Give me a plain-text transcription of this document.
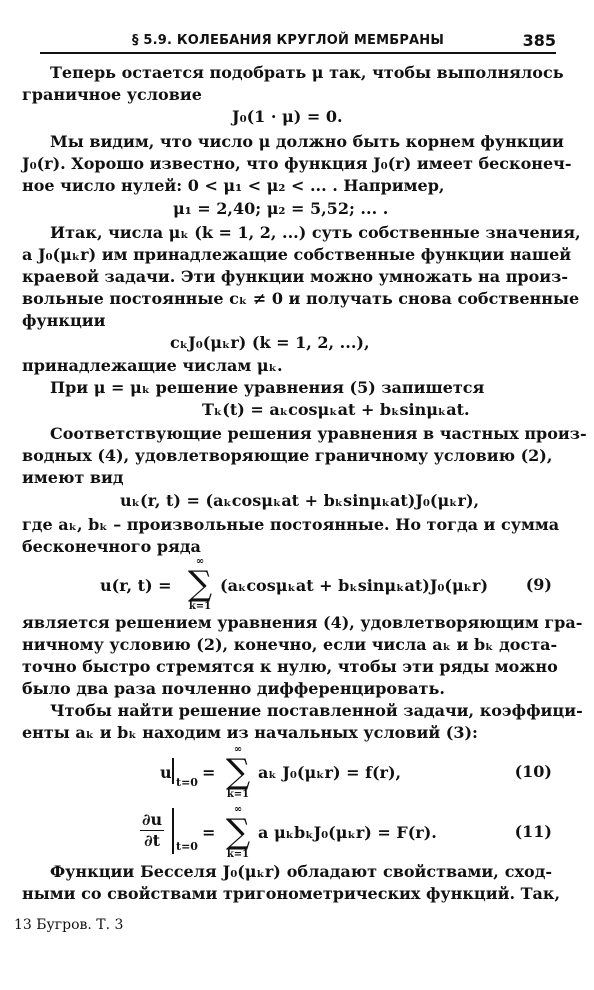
§ 5.9. КОЛЕБАНИЯ КРУГЛОЙ МЕМБРАНЫ	385

Теперь остается подобрать μ так, чтобы выполнялось

граничное условие

J₀(1 · μ) = 0.

Мы видим, что число μ должно быть корнем функции

J₀(r). Хорошо известно, что функция J₀(r) имеет бесконеч-

ное число нулей: 0 < μ₁ < μ₂ < ... . Например,

μ₁ = 2,40; μ₂ = 5,52; ... .

Итак, числа μₖ (k = 1, 2, ...) суть собственные значения,

а J₀(μₖr) им принадлежащие собственные функции нашей

краевой задачи. Эти функции можно умножать на произ-

вольные постоянные cₖ ≠ 0 и получать снова собственные

функции

cₖJ₀(μₖr) (k = 1, 2, ...),

принадлежащие числам μₖ.

При μ = μₖ решение уравнения (5) запишется

Tₖ(t) = aₖcosμₖat + bₖsinμₖat.

Соответствующие решения уравнения в частных произ-

водных (4), удовлетворяющие граничному условию (2),

имеют вид

uₖ(r, t) = (aₖcosμₖat + bₖsinμₖat)J₀(μₖr),

где aₖ, bₖ – произвольные постоянные. Но тогда и сумма

бесконечного ряда

u(r, t) =

∞
∑
k=1

(aₖcosμₖat + bₖsinμₖat)J₀(μₖr) (9)

является решением уравнения (4), удовлетворяющим гра-

ничному условию (2), конечно, если числа aₖ и bₖ доста-

точно быстро стремятся к нулю, чтобы эти ряды можно

было два раза почленно дифференцировать.

Чтобы найти решение поставленной задачи, коэффици-

енты aₖ и bₖ находим из начальных условий (3):

u

t=0

=

∞
∑
k=1

aₖ J₀(μₖr) = f(r),	(10)

$\frac{\partial u}{\partial t} t=0$

=

∞
∑
k=1

a μₖbₖJ₀(μₖr) = F(r).	(11)

Функции Бесселя J₀(μₖr) обладают свойствами, сход-

ными со свойствами тригонометрических функций. Так,

13 Бугров. Т. 3
